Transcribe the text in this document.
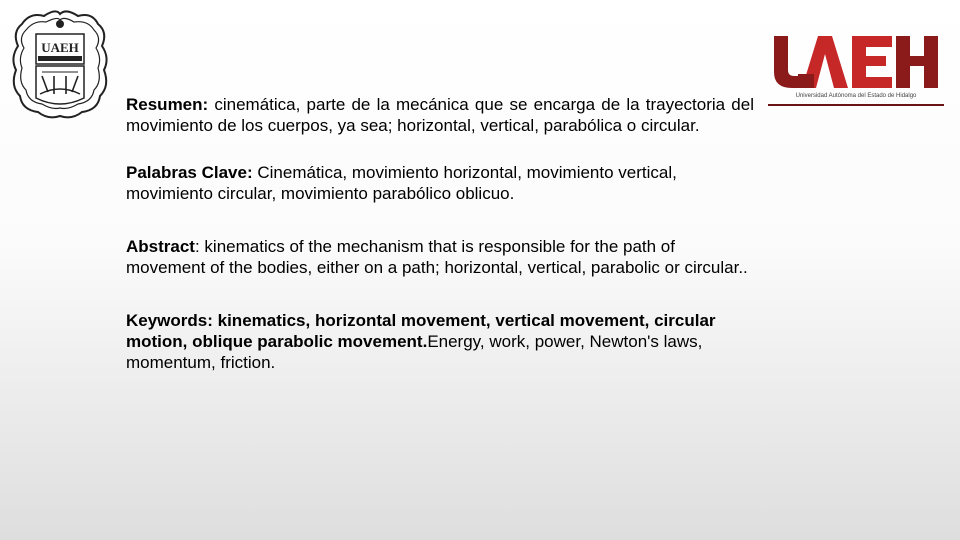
UAEH
Universidad Autónoma del Estado de Hidalgo

Resumen: cinemática, parte de la mecánica que se encarga de la trayectoria del movimiento de los cuerpos, ya sea; horizontal, vertical, parabólica o circular.

Palabras Clave: Cinemática, movimiento horizontal, movimiento vertical, movimiento circular, movimiento parabólico oblicuo.

Abstract: kinematics of the mechanism that is responsible for the path of movement of the bodies, either on a path; horizontal, vertical, parabolic or circular..

Keywords: kinematics, horizontal movement, vertical movement, circular motion, oblique parabolic movement.Energy, work, power, Newton's laws, momentum, friction.
